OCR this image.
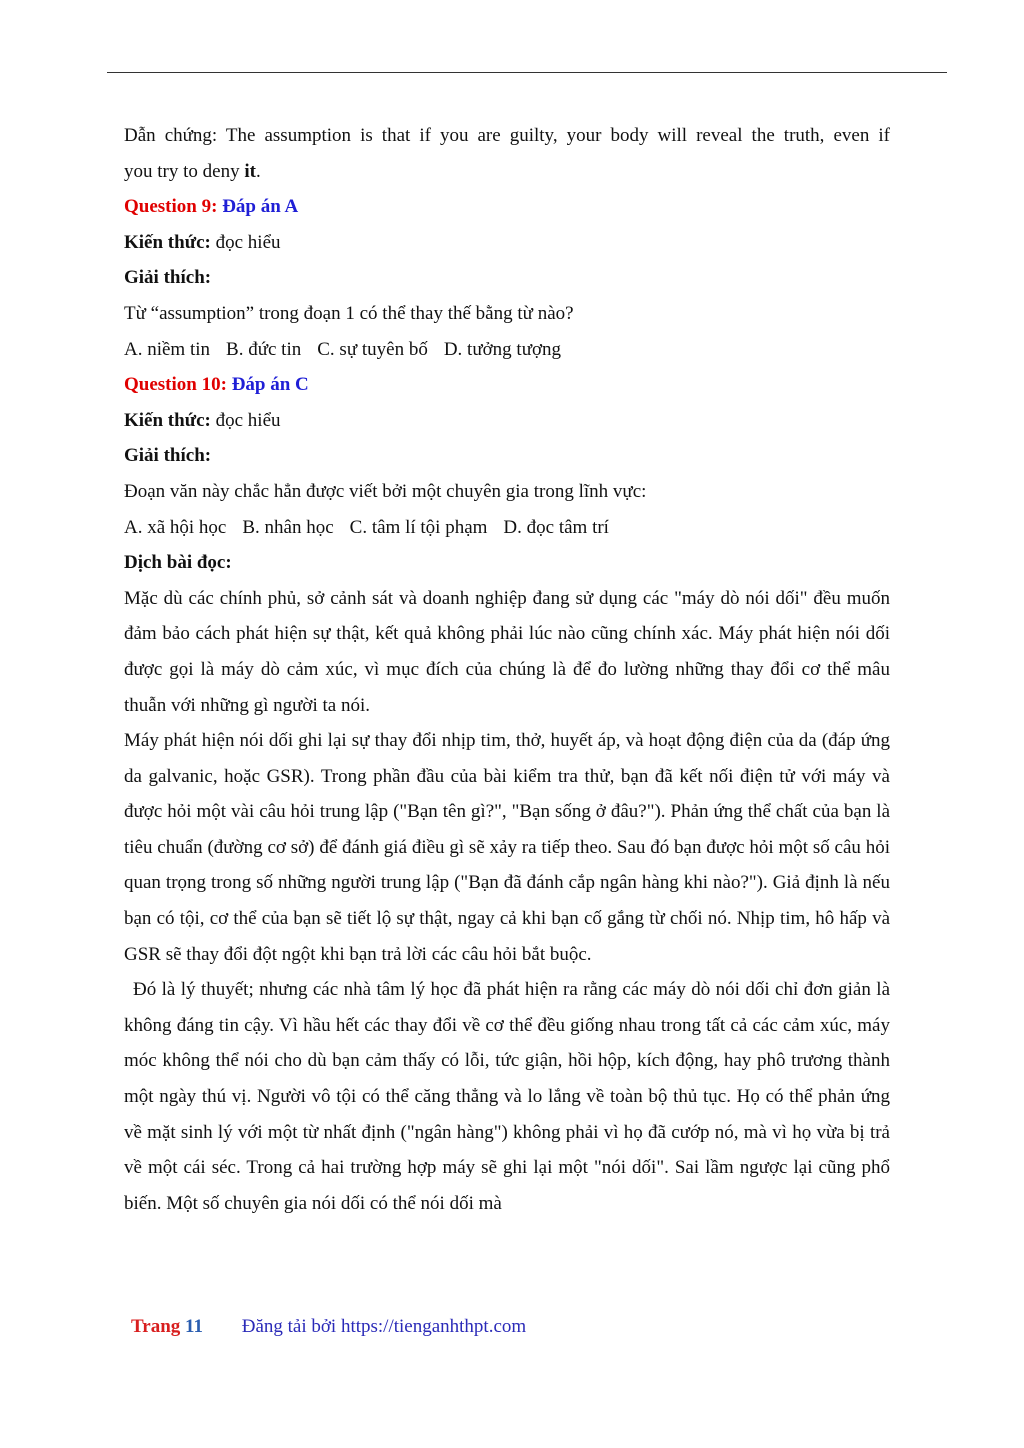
Dẫn chứng: The assumption is that if you are guilty, your body will reveal the truth, even if

you try to deny it.

Question 9: Đáp án A

Kiến thức: đọc hiểu

Giải thích:

Từ “assumption” trong đoạn 1 có thể thay thế bằng từ nào?

A. niềm tin B. đức tin C. sự tuyên bố D. tưởng tượng

Question 10: Đáp án C

Kiến thức: đọc hiểu

Giải thích:

Đoạn văn này chắc hẳn được viết bởi một chuyên gia trong lĩnh vực:

A. xã hội học B. nhân học C. tâm lí tội phạm D. đọc tâm trí

Dịch bài đọc:

Mặc dù các chính phủ, sở cảnh sát và doanh nghiệp đang sử dụng các "máy dò nói dối" đều muốn đảm bảo cách phát hiện sự thật, kết quả không phải lúc nào cũng chính xác. Máy phát hiện nói dối được gọi là máy dò cảm xúc, vì mục đích của chúng là để đo lường những thay đổi cơ thể mâu thuẫn với những gì người ta nói.

Máy phát hiện nói dối ghi lại sự thay đổi nhịp tim, thở, huyết áp, và hoạt động điện của da (đáp ứng da galvanic, hoặc GSR). Trong phần đầu của bài kiểm tra thử, bạn đã kết nối điện tử với máy và được hỏi một vài câu hỏi trung lập ("Bạn tên gì?", "Bạn sống ở đâu?"). Phản ứng thể chất của bạn là tiêu chuẩn (đường cơ sở) để đánh giá điều gì sẽ xảy ra tiếp theo. Sau đó bạn được hỏi một số câu hỏi quan trọng trong số những người trung lập ("Bạn đã đánh cắp ngân hàng khi nào?"). Giả định là nếu bạn có tội, cơ thể của bạn sẽ tiết lộ sự thật, ngay cả khi bạn cố gắng từ chối nó. Nhịp tim, hô hấp và GSR sẽ thay đổi đột ngột khi bạn trả lời các câu hỏi bắt buộc.

Đó là lý thuyết; nhưng các nhà tâm lý học đã phát hiện ra rằng các máy dò nói dối chỉ đơn giản là không đáng tin cậy. Vì hầu hết các thay đổi về cơ thể đều giống nhau trong tất cả các cảm xúc, máy móc không thể nói cho dù bạn cảm thấy có lỗi, tức giận, hồi hộp, kích động, hay phô trương thành một ngày thú vị. Người vô tội có thể căng thẳng và lo lắng về toàn bộ thủ tục. Họ có thể phản ứng về mặt sinh lý với một từ nhất định ("ngân hàng") không phải vì họ đã cướp nó, mà vì họ vừa bị trả về một cái séc. Trong cả hai trường hợp máy sẽ ghi lại một "nói dối". Sai lầm ngược lại cũng phổ biến. Một số chuyên gia nói dối có thể nói dối mà

Trang 11 Đăng tải bởi https://tienganhthpt.com
